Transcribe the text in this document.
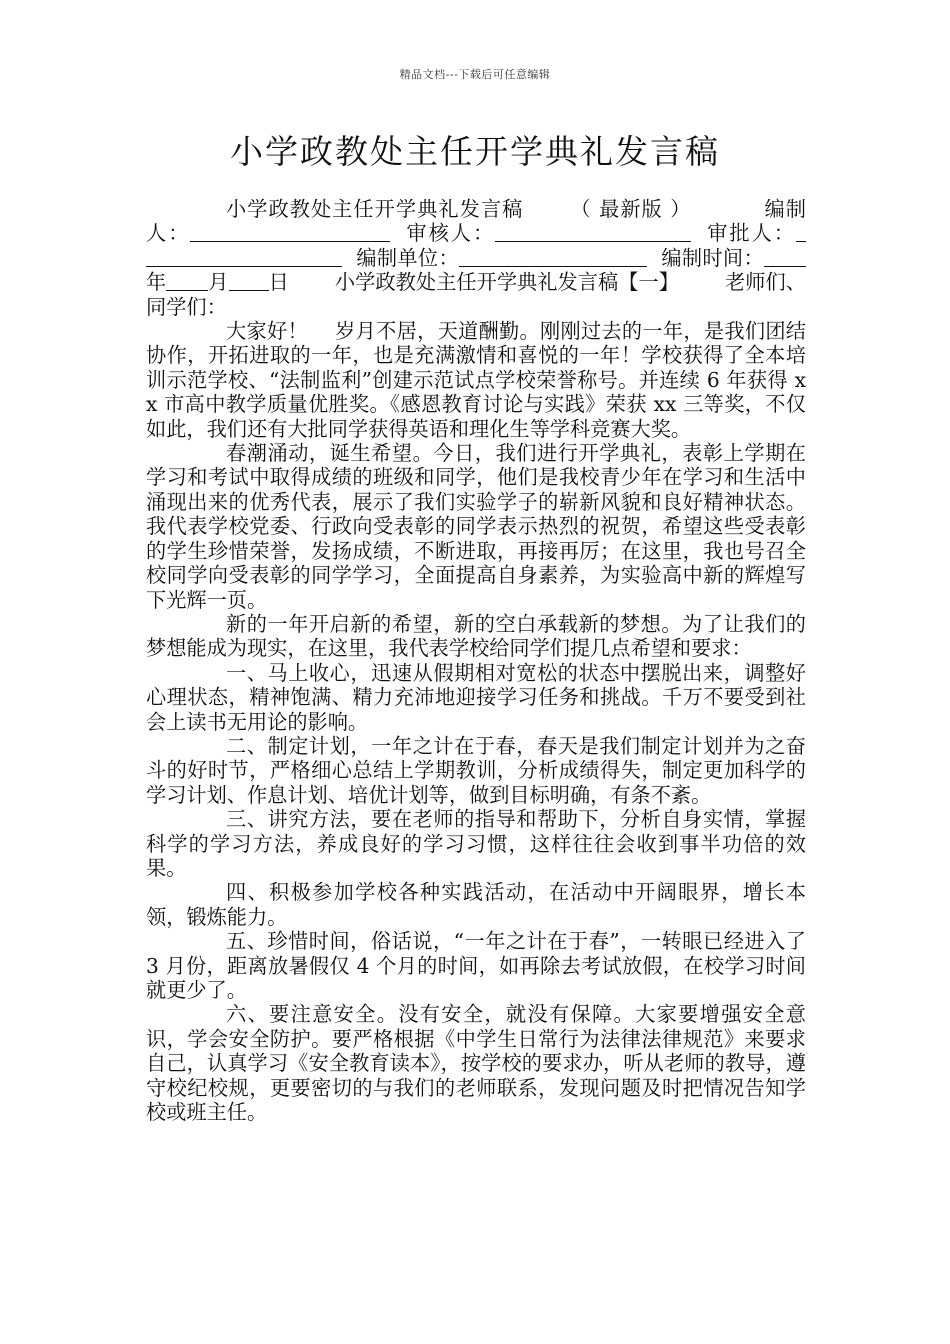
精品文档---下载后可任意编辑
小学政教处主任开学典礼发言稿

小学政教处主任开学典礼发言稿 （ 最新版 ）	编制人：	审核人：	审批人：编制单位：	编制时间：年 月 日 小学政教处主任开学典礼发言稿【一】 老师们、同学们：

大家好！　 岁月不居，天道酬勤。刚刚过去的一年，是我们团结协作，开拓进取的一年，也是充满激情和喜悦的一年！学校获得了全本培训示范学校、“法制监利”创建示范试点学校荣誉称号。并连续 6 年获得 xx 市高中教学质量优胜奖。《感恩教育讨论与实践》荣获 xx 三等奖，不仅如此，我们还有大批同学获得英语和理化生等学科竞赛大奖。

春潮涌动，诞生希望。今日，我们进行开学典礼，表彰上学期在学习和考试中取得成绩的班级和同学，他们是我校青少年在学习和生活中涌现出来的优秀代表，展示了我们实验学子的崭新风貌和良好精神状态。我代表学校党委、行政向受表彰的同学表示热烈的祝贺，希望这些受表彰的学生珍惜荣誉，发扬成绩，不断进取，再接再厉；在这里，我也号召全校同学向受表彰的同学学习，全面提高自身素养，为实验高中新的辉煌写下光辉一页。

新的一年开启新的希望，新的空白承载新的梦想。为了让我们的梦想能成为现实，在这里，我代表学校给同学们提几点希望和要求：

一、马上收心，迅速从假期相对宽松的状态中摆脱出来，调整好心理状态，精神饱满、精力充沛地迎接学习任务和挑战。千万不要受到社会上读书无用论的影响。

二、制定计划，一年之计在于春，春天是我们制定计划并为之奋斗的好时节，严格细心总结上学期教训，分析成绩得失，制定更加科学的学习计划、作息计划、培优计划等，做到目标明确，有条不紊。

三、讲究方法，要在老师的指导和帮助下，分析自身实情，掌握科学的学习方法，养成良好的学习习惯，这样往往会收到事半功倍的效果。

四、积极参加学校各种实践活动，在活动中开阔眼界，增长本领，锻炼能力。

五、珍惜时间，俗话说，“一年之计在于春”，一转眼已经进入了 3 月份，距离放暑假仅 4 个月的时间，如再除去考试放假，在校学习时间就更少了。

六、要注意安全。没有安全，就没有保障。大家要增强安全意识，学会安全防护。要严格根据《中学生日常行为法律法律规范》来要求自己，认真学习《安全教育读本》，按学校的要求办，听从老师的教导，遵守校纪校规，更要密切的与我们的老师联系，发现问题及时把情况告知学校或班主任。
